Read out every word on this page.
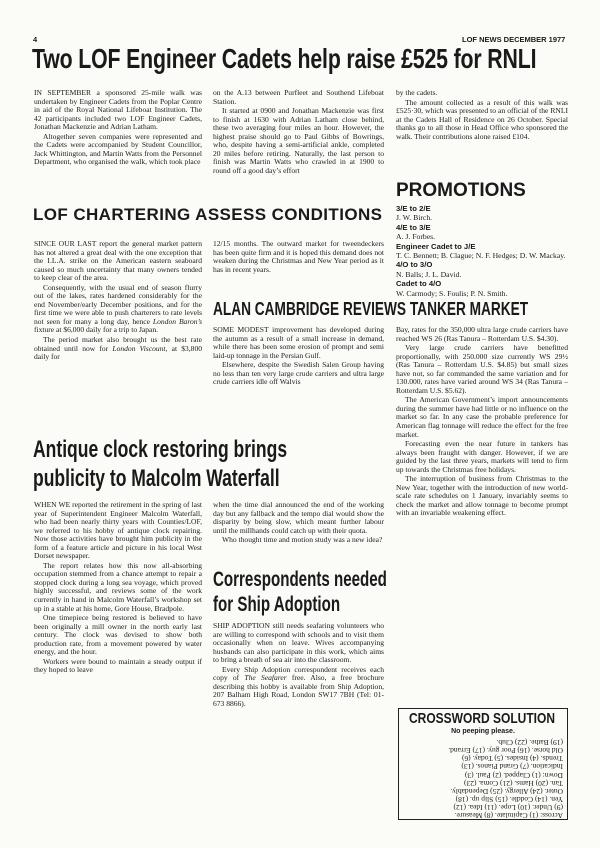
4	LOF NEWS DECEMBER 1977
Two LOF Engineer Cadets help raise £525 for RNLI

IN SEPTEMBER a sponsored 25-mile walk was undertaken by Engineer Cadets from the Poplar Centre in aid of the Royal National Lifeboat Institution. The 42 participants included two LOF Engineer Cadets, Jonathan Mackenzie and Adrian Latham.

Altogether seven companies were represented and the Cadets were accompanied by Student Councillor, Jack Whittington, and Martin Watts from the Personnel Department, who organised the walk, which took place

on the A.13 between Purfleet and Southend Lifeboat Station.

It started at 0900 and Jonathan Mackenzie was first to finish at 1630 with Adrian Latham close behind, these two averaging four miles an hour. However, the highest praise should go to Paul Gibbs of Bowrings, who, despite having a semi-artificial ankle, completed 20 miles before retiring. Naturally, the last person to finish was Martin Watts who crawled in at 1900 to round off a good day’s effort

by the cadets.

The amount collected as a result of this walk was £525·30, which was presented to an official of the RNLI at the Cadets Hall of Residence on 26 October. Special thanks go to all those in Head Office who sponsored the walk. Their contributions alone raised £104.

PROMOTIONS
3/E to 2/E
J. W. Birch.
4/E to 3/E
A. J. Forbes.
Engineer Cadet to J/E
T. C. Bennett; B. Clague; N. F. Hedges; D. W. Mackay.
4/O to 3/O
N. Balls; J. L. David.
Cadet to 4/O
W. Carmody; S. Foulis; P. N. Smith.
LOF CHARTERING ASSESS CONDITIONS

SINCE OUR LAST report the general market pattern has not altered a great deal with the one exception that the I.L.A. strike on the American eastern seaboard caused so much uncertainty that many owners tended to keep clear of the area.

Consequently, with the usual end of season flurry out of the lakes, rates hardened considerably for the end November/early December positions, and for the first time we were able to push charterers to rate levels not seen for many a long day, hence London Baron’s fixture at $6,000 daily for a trip to Japan.

The period market also brought us the best rate obtained until now for London Viscount, at $3,800 daily for

12/15 months. The outward market for tweendeckers has been quite firm and it is hoped this demand does not weaken during the Christmas and New Year period as it has in recent years.

ALAN CAMBRIDGE REVIEWS TANKER MARKET

SOME MODEST improvement has developed during the autumn as a result of a small increase in demand, while there has been some erosion of prompt and semi laid-up tonnage in the Persian Gulf.

Elsewhere, despite the Swedish Salen Group having no less than ten very large crude carriers and ultra large crude carriers idle off Walvis

Bay, rates for the 350,000 ultra large crude carriers have reached WS 26 (Ras Tanura – Rotterdam U.S. $4.30).

Very large crude carriers have benefitted proportionally, with 250.000 size currently WS 29½ (Ras Tanura – Rotterdam U.S. $4.85) but small sizes have not, so far commanded the same variation and for 130.000, rates have varied around WS 34 (Ras Tanura – Rotterdam U.S. $5.62).

The American Government’s import announcements during the summer have had little or no influence on the market so far. In any case the probable preference for American flag tonnage will reduce the effect for the free market.

Forecasting even the near future in tankers has always been fraught with danger. However, if we are guided by the last three years, markets will tend to firm up towards the Christmas free holidays.

The interruption of business from Christmas to the New Year, together with the introduction of new world-scale rate schedules on 1 January, invariably seems to check the market and allow tonnage to become prompt with an invariable weakening effect.

Antique clock restoring brings
publicity to Malcolm Waterfall

WHEN WE reported the retirement in the spring of last year of Superintendent Engineer Malcolm Waterfall, who had been nearly thirty years with Counties/LOF, we referred to his hobby of antique clock repairing. Now those activities have brought him publicity in the form of a feature article and picture in his local West Dorset newspaper.

The report relates how this now all-absorbing occupation stemmed from a chance attempt to repair a stopped clock during a long sea voyage, which proved highly successful, and reviews some of the work currently in hand in Malcolm Waterfall’s workshop set up in a stable at his home, Gore House, Bradpole.

One timepiece being restored is believed to have been originally a mill owner in the north early last century. The clock was devised to show both production rate, from a movement powered by water energy, and the hour.

Workers were bound to maintain a steady output if they hoped to leave

when the time dial announced the end of the working day but any fallback and the tempo dial would show the disparity by being slow, which meant further labour until the millhands could catch up with their quota.

Who thought time and motion study was a new idea?

Correspondents needed
for Ship Adoption

SHIP ADOPTION still needs seafaring volunteers who are willing to correspond with schools and to visit them occasionally when on leave. Wives accompanying husbands can also participate in this work, which aims to bring a breath of sea air into the classroom.

Every Ship Adoption correspondent receives each copy of The Seafarer free. Also, a free brochure describing this hobby is available from Ship Adoption, 207 Balham High Road, London SW17 7BH (Tel: 01-673 8866).

CROSSWORD SOLUTION
No peeping please.
Across: (1) Capitulate. (8) Measure.
(9) Under. (10) Lope. (11) Idea. (12)
Yen. (14) Coddle. (15) Slip up. (18)
Outer. (24) Allergy. (25) Dependably.
Tan. (20) Hams. (21) Coma. (23)
Down: (1) Clapped. (2) Paul. (3)
Indication. (7) Grand Pianos. (13)
Trends. (4) Insides. (5) Today. (6)
Old horse. (16) Poor guy. (17) Errand.
(19) Bathe. (22) Club.
